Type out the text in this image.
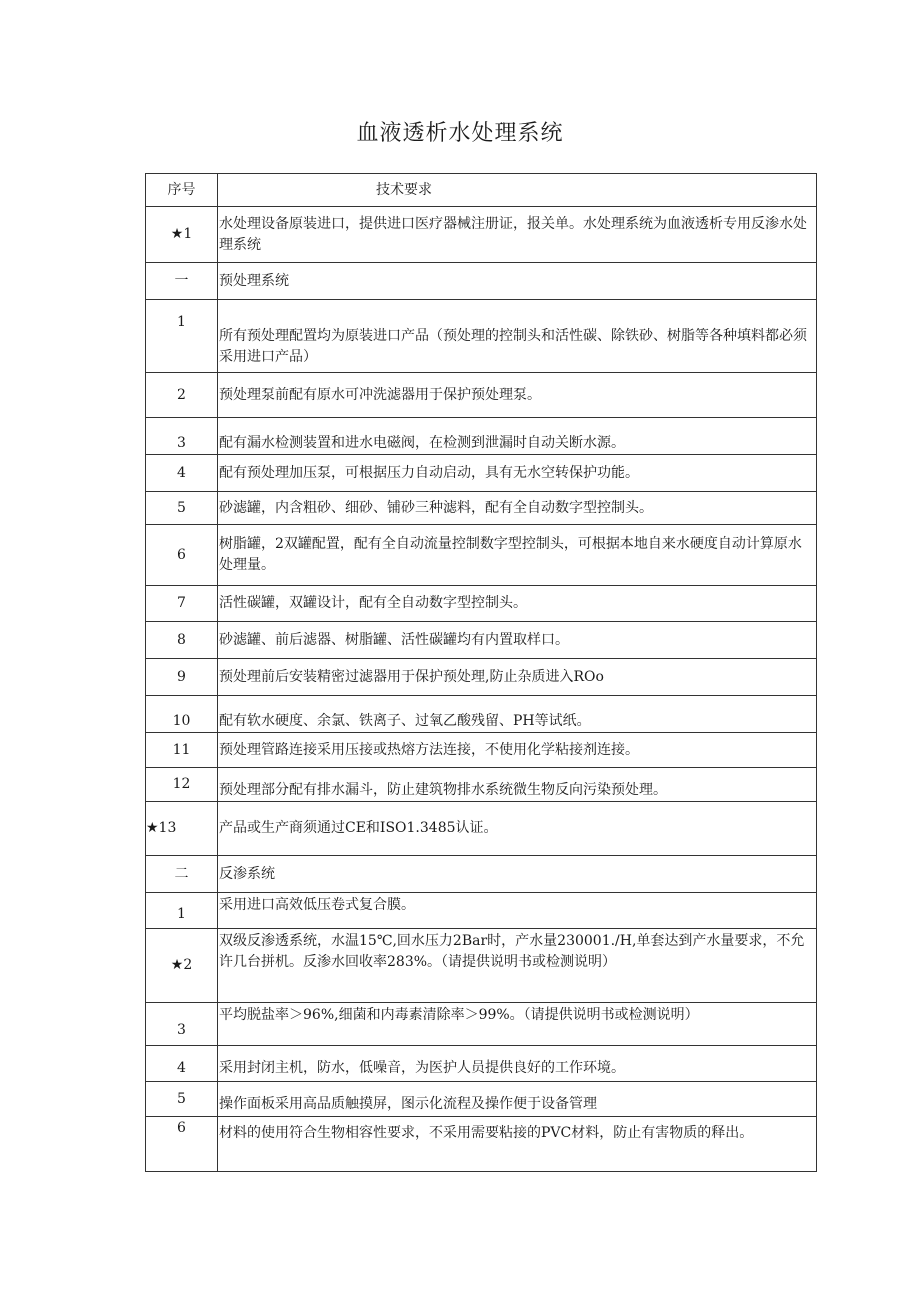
血液透析水处理系统
序号	技术要求
★1	水处理设备原装进口，提供进口医疗器械注册证，报关单。水处理系统为血液透析专用反渗水处理系统
一	预处理系统
1	所有预处理配置均为原装进口产品（预处理的控制头和活性碳、除铁砂、树脂等各种填料都必须采用进口产品）
2	预处理泵前配有原水可冲洗滤器用于保护预处理泵。
3	配有漏水检测装置和进水电磁阀，在检测到泄漏时自动关断水源。
4	配有预处理加压泵，可根据压力自动启动，具有无水空转保护功能。
5	砂滤罐，内含粗砂、细砂、铺砂三种滤料，配有全自动数字型控制头。
6	树脂罐，2双罐配置，配有全自动流量控制数字型控制头，可根据本地自来水硬度自动计算原水处理量。
7	活性碳罐，双罐设计，配有全自动数字型控制头。
8	砂滤罐、前后滤器、树脂罐、活性碳罐均有内置取样口。
9	预处理前后安装精密过滤器用于保护预处理,防止杂质进入ROo
10	配有软水硬度、余氯、铁离子、过氧乙酸残留、PH等试纸。
11	预处理管路连接采用压接或热熔方法连接，不使用化学粘接剂连接。
12	预处理部分配有排水漏斗，防止建筑物排水系统微生物反向污染预处理。
★13	产品或生产商须通过CE和ISO1.3485认证。
二	反渗系统
1	采用进口高效低压卷式复合膜。
★2	双级反渗透系统，水温15℃,回水压力2Bar时，产水量230001./H,单套达到产水量要求，不允许几台拼机。反渗水回收率283%。（请提供说明书或检测说明）
3	平均脱盐率＞96%,细菌和内毒素清除率＞99%。（请提供说明书或检测说明）
4	采用封闭主机，防水，低噪音，为医护人员提供良好的工作环境。
5	操作面板采用高品质触摸屏，图示化流程及操作便于设备管理
6	材料的使用符合生物相容性要求，不采用需要粘接的PVC材料，防止有害物质的释出。
